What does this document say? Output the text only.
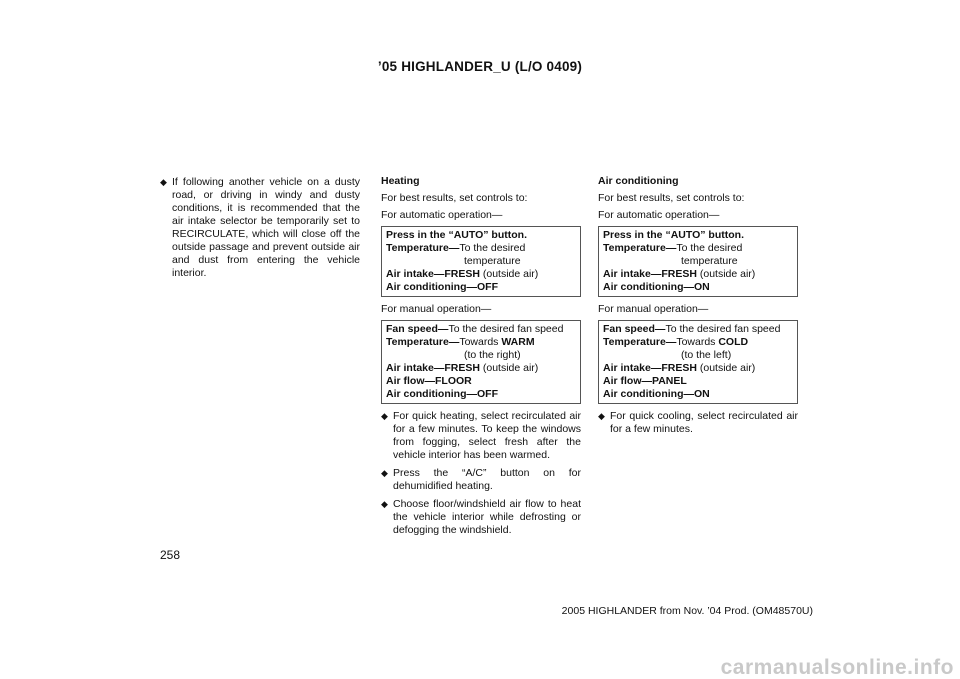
’05 HIGHLANDER_U (L/O 0409)
◆ If following another vehicle on a dusty road, or driving in windy and dusty conditions, it is recommended that the air intake selector be temporarily set to RECIRCULATE, which will close off the outside passage and prevent outside air and dust from entering the vehicle interior.
Heating
For best results, set controls to:
For automatic operation—
Press in the “AUTO” button.
Temperature—To the desired
temperature
Air intake—FRESH (outside air)
Air conditioning—OFF
For manual operation—
Fan speed—To the desired fan speed
Temperature—Towards WARM
(to the right)
Air intake—FRESH (outside air)
Air flow—FLOOR
Air conditioning—OFF
◆ For quick heating, select recirculated air for a few minutes. To keep the windows from fogging, select fresh after the vehicle interior has been warmed.
◆ Press the “A/C” button on for dehumidified heating.
◆ Choose floor/windshield air flow to heat the vehicle interior while defrosting or defogging the windshield.
Air conditioning
For best results, set controls to:
For automatic operation—
Press in the “AUTO” button.
Temperature—To the desired
temperature
Air intake—FRESH (outside air)
Air conditioning—ON
For manual operation—
Fan speed—To the desired fan speed
Temperature—Towards COLD
(to the left)
Air intake—FRESH (outside air)
Air flow—PANEL
Air conditioning—ON
◆ For quick cooling, select recirculated air for a few minutes.
258
2005 HIGHLANDER from Nov. ’04 Prod. (OM48570U)
carmanualsonline.info
